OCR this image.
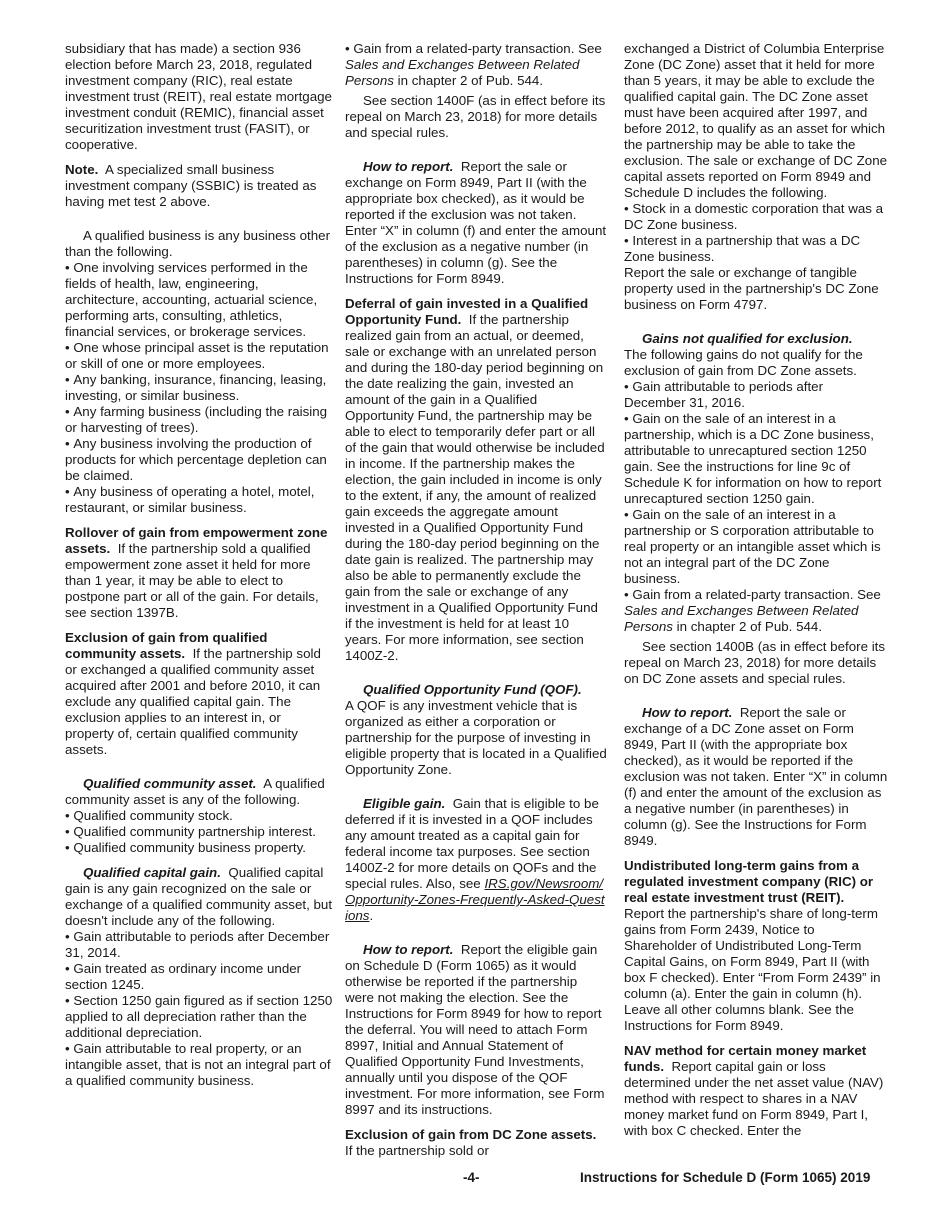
subsidiary that has made) a section 936 election before March 23, 2018, regulated investment company (RIC), real estate investment trust (REIT), real estate mortgage investment conduit (REMIC), financial asset securitization investment trust (FASIT), or cooperative.

Note. A specialized small business investment company (SSBIC) is treated as having met test 2 above.

A qualified business is any business other than the following.

• One involving services performed in the fields of health, law, engineering, architecture, accounting, actuarial science, performing arts, consulting, athletics, financial services, or brokerage services.
• One whose principal asset is the reputation or skill of one or more employees.
• Any banking, insurance, financing, leasing, investing, or similar business.
• Any farming business (including the raising or harvesting of trees).
• Any business involving the production of products for which percentage depletion can be claimed.
• Any business of operating a hotel, motel, restaurant, or similar business.

Rollover of gain from empowerment zone assets. If the partnership sold a qualified empowerment zone asset it held for more than 1 year, it may be able to elect to postpone part or all of the gain. For details, see section 1397B.

Exclusion of gain from qualified community assets. If the partnership sold or exchanged a qualified community asset acquired after 2001 and before 2010, it can exclude any qualified capital gain. The exclusion applies to an interest in, or property of, certain qualified community assets.

Qualified community asset. A qualified community asset is any of the following.

• Qualified community stock.
• Qualified community partnership interest.
• Qualified community business property.

Qualified capital gain. Qualified capital gain is any gain recognized on the sale or exchange of a qualified community asset, but doesn't include any of the following.

• Gain attributable to periods after December 31, 2014.
• Gain treated as ordinary income under section 1245.
• Section 1250 gain figured as if section 1250 applied to all depreciation rather than the additional depreciation.
• Gain attributable to real property, or an intangible asset, that is not an integral part of a qualified community business.
• Gain from a related-party transaction. See Sales and Exchanges Between Related Persons in chapter 2 of Pub. 544.

See section 1400F (as in effect before its repeal on March 23, 2018) for more details and special rules.

How to report. Report the sale or exchange on Form 8949, Part II (with the appropriate box checked), as it would be reported if the exclusion was not taken. Enter “X” in column (f) and enter the amount of the exclusion as a negative number (in parentheses) in column (g). See the Instructions for Form 8949.

Deferral of gain invested in a Qualified Opportunity Fund. If the partnership realized gain from an actual, or deemed, sale or exchange with an unrelated person and during the 180-day period beginning on the date realizing the gain, invested an amount of the gain in a Qualified Opportunity Fund, the partnership may be able to elect to temporarily defer part or all of the gain that would otherwise be included in income. If the partnership makes the election, the gain included in income is only to the extent, if any, the amount of realized gain exceeds the aggregate amount invested in a Qualified Opportunity Fund during the 180-day period beginning on the date gain is realized. The partnership may also be able to permanently exclude the gain from the sale or exchange of any investment in a Qualified Opportunity Fund if the investment is held for at least 10 years. For more information, see section 1400Z-2.

Qualified Opportunity Fund (QOF).
A QOF is any investment vehicle that is organized as either a corporation or partnership for the purpose of investing in eligible property that is located in a Qualified Opportunity Zone.

Eligible gain. Gain that is eligible to be deferred if it is invested in a QOF includes any amount treated as a capital gain for federal income tax purposes. See section 1400Z-2 for more details on QOFs and the special rules. Also, see IRS.gov/Newsroom/Opportunity-Zones-Frequently-Asked-Questions.

How to report. Report the eligible gain on Schedule D (Form 1065) as it would otherwise be reported if the partnership were not making the election. See the Instructions for Form 8949 for how to report the deferral. You will need to attach Form 8997, Initial and Annual Statement of Qualified Opportunity Fund Investments, annually until you dispose of the QOF investment. For more information, see Form 8997 and its instructions.

Exclusion of gain from DC Zone assets.  If the partnership sold or

exchanged a District of Columbia Enterprise Zone (DC Zone) asset that it held for more than 5 years, it may be able to exclude the qualified capital gain. The DC Zone asset must have been acquired after 1997, and before 2012, to qualify as an asset for which the partnership may be able to take the exclusion. The sale or exchange of DC Zone capital assets reported on Form 8949 and Schedule D includes the following.

• Stock in a domestic corporation that was a DC Zone business.
• Interest in a partnership that was a DC Zone business.

Report the sale or exchange of tangible property used in the partnership's DC Zone business on Form 4797.

Gains not qualified for exclusion.
The following gains do not qualify for the exclusion of gain from DC Zone assets.

• Gain attributable to periods after December 31, 2016.
• Gain on the sale of an interest in a partnership, which is a DC Zone business, attributable to unrecaptured section 1250 gain. See the instructions for line 9c of Schedule K for information on how to report unrecaptured section 1250 gain.
• Gain on the sale of an interest in a partnership or S corporation attributable to real property or an intangible asset which is not an integral part of the DC Zone business.
• Gain from a related-party transaction. See Sales and Exchanges Between Related Persons in chapter 2 of Pub. 544.

See section 1400B (as in effect before its repeal on March 23, 2018) for more details on DC Zone assets and special rules.

How to report. Report the sale or exchange of a DC Zone asset on Form 8949, Part II (with the appropriate box checked), as it would be reported if the exclusion was not taken. Enter “X” in column (f) and enter the amount of the exclusion as a negative number (in parentheses) in column (g). See the Instructions for Form 8949.

Undistributed long-term gains from a regulated investment company (RIC) or real estate investment trust (REIT).
Report the partnership's share of long-term gains from Form 2439, Notice to Shareholder of Undistributed Long-Term Capital Gains, on Form 8949, Part II (with box F checked). Enter “From Form 2439” in column (a). Enter the gain in column (h). Leave all other columns blank. See the Instructions for Form 8949.

NAV method for certain money market funds. Report capital gain or loss determined under the net asset value (NAV) method with respect to shares in a NAV money market fund on Form 8949, Part I, with box C checked. Enter the

-4-	Instructions for Schedule D (Form 1065) 2019
